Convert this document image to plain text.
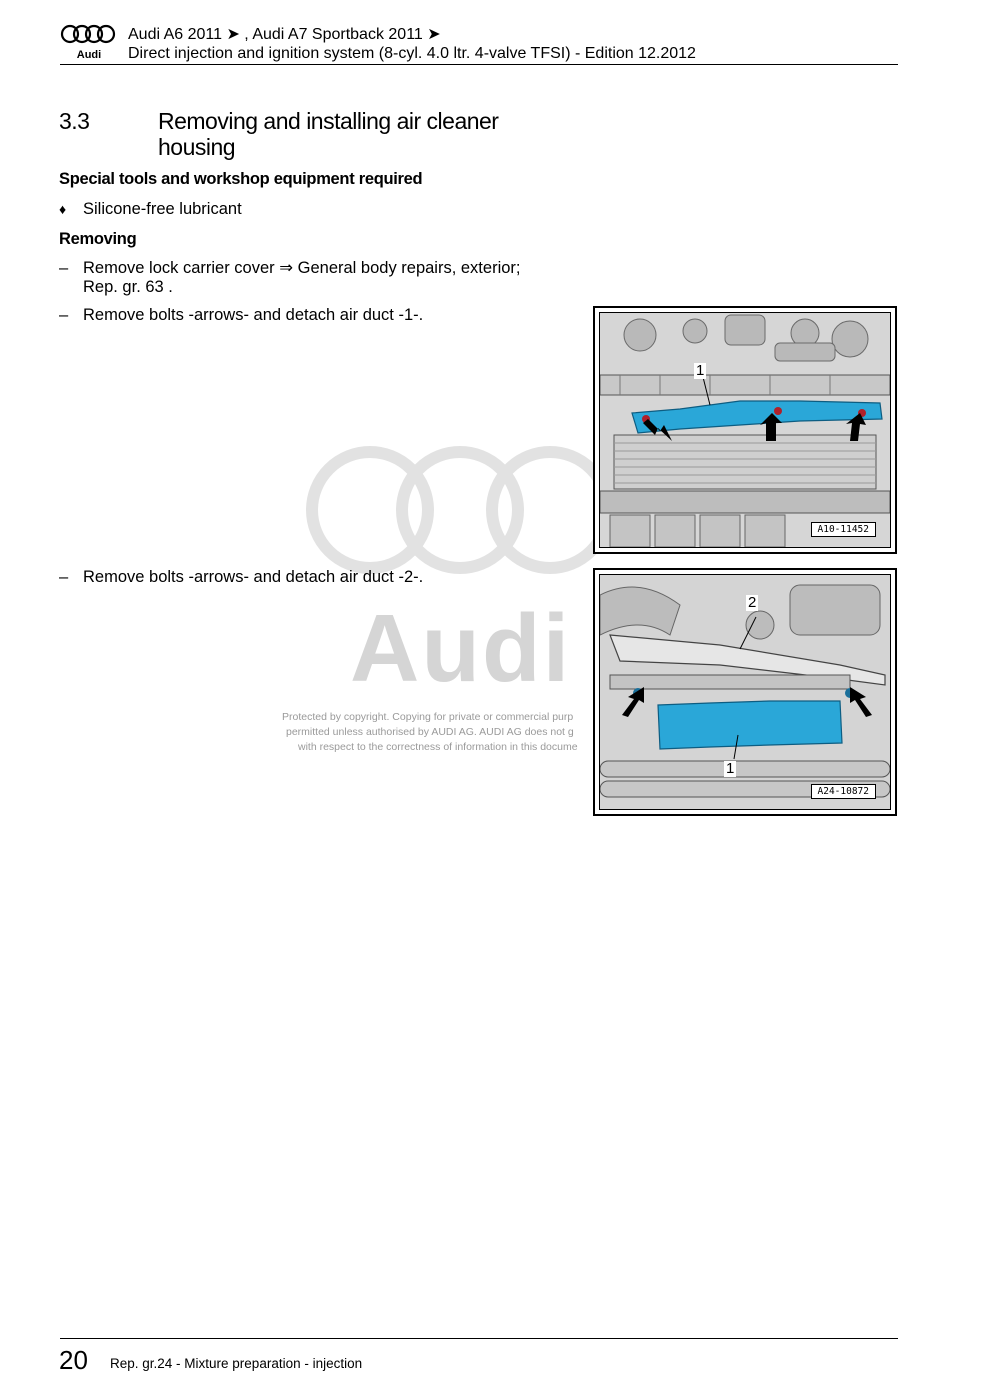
Audi
Audi A6 2011 ➤ , Audi A7 Sportback 2011 ➤
Direct injection and ignition system (8-cyl. 4.0 ltr. 4-valve TFSI) - Edition 12.2012
Audi
3.3	Removing and installing air cleaner housing
Special tools and workshop equipment required
♦ Silicone-free lubricant
Removing
– Remove lock carrier cover ⇒ General body repairs, exterior;
Rep. gr. 63 .
– Remove bolts -arrows- and detach air duct -1-.
– Remove bolts -arrows- and detach air duct -2-.
1
A10-11452
2
1
A24-10872
Protected by copyright. Copying for private or commercial purp
permitted unless authorised by AUDI AG. AUDI AG does not g
with respect to the correctness of information in this docume
20 Rep. gr.24 - Mixture preparation - injection
